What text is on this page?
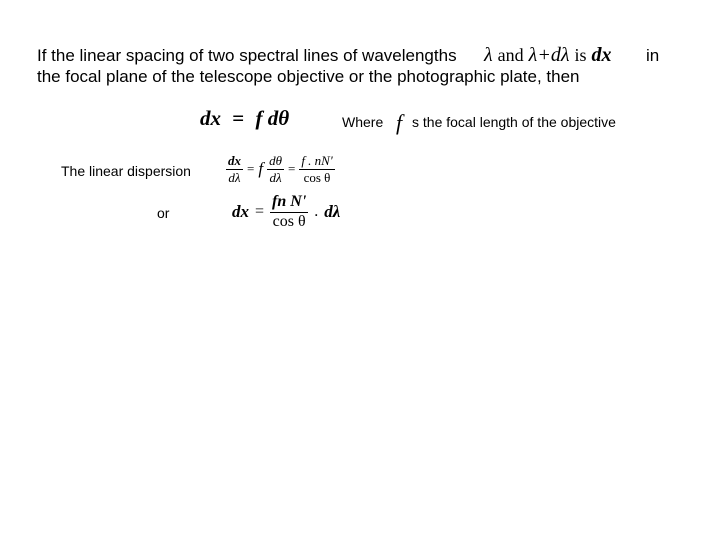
If the linear spacing of two spectral lines of wavelengths λ and λ+dλ is dx in
the focal plane of the telescope objective or the photographic plate, then
dx = f dθ	Where f s the focal length of the objective
The linear dispersion	$\frac{dx}{d\lambda} = f \frac{d\theta}{d\lambda} = \frac{f . nN'}{\text{cos θ}}$
or	dx = $\frac{\text{fn N'}}{\text{cos θ}}$ . dλ
